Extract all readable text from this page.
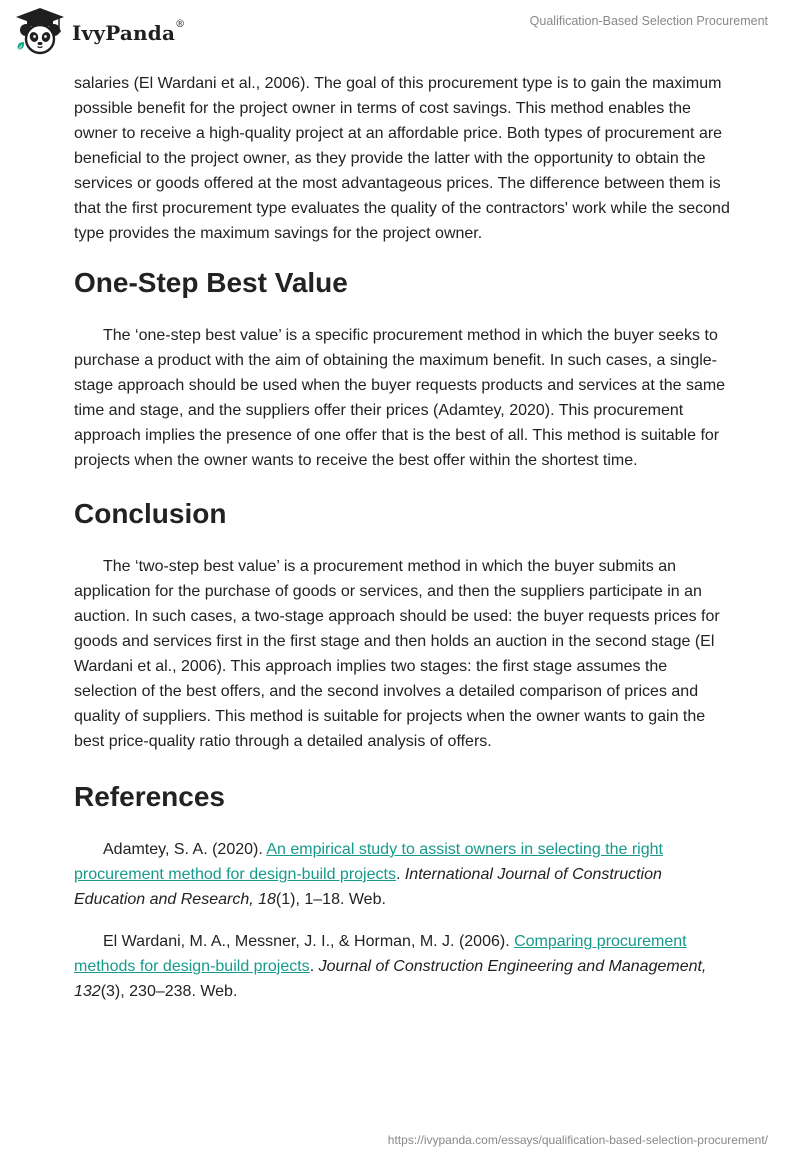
IvyPanda®	Qualification-Based Selection Procurement

salaries (El Wardani et al., 2006). The goal of this procurement type is to gain the maximum possible benefit for the project owner in terms of cost savings. This method enables the owner to receive a high-quality project at an affordable price. Both types of procurement are beneficial to the project owner, as they provide the latter with the opportunity to obtain the services or goods offered at the most advantageous prices. The difference between them is that the first procurement type evaluates the quality of the contractors' work while the second type provides the maximum savings for the project owner.

One-Step Best Value

The ‘one-step best value’ is a specific procurement method in which the buyer seeks to purchase a product with the aim of obtaining the maximum benefit. In such cases, a single-stage approach should be used when the buyer requests products and services at the same time and stage, and the suppliers offer their prices (Adamtey, 2020). This procurement approach implies the presence of one offer that is the best of all. This method is suitable for projects when the owner wants to receive the best offer within the shortest time.

Conclusion

The ‘two-step best value’ is a procurement method in which the buyer submits an application for the purchase of goods or services, and then the suppliers participate in an auction. In such cases, a two-stage approach should be used: the buyer requests prices for goods and services first in the first stage and then holds an auction in the second stage (El Wardani et al., 2006). This approach implies two stages: the first stage assumes the selection of the best offers, and the second involves a detailed comparison of prices and quality of suppliers. This method is suitable for projects when the owner wants to gain the best price-quality ratio through a detailed analysis of offers.

References

Adamtey, S. A. (2020). An empirical study to assist owners in selecting the right procurement method for design-build projects. International Journal of Construction Education and Research, 18(1), 1–18. Web.

El Wardani, M. A., Messner, J. I., & Horman, M. J. (2006). Comparing procurement methods for design-build projects. Journal of Construction Engineering and Management, 132(3), 230–238. Web.

https://ivypanda.com/essays/qualification-based-selection-procurement/
